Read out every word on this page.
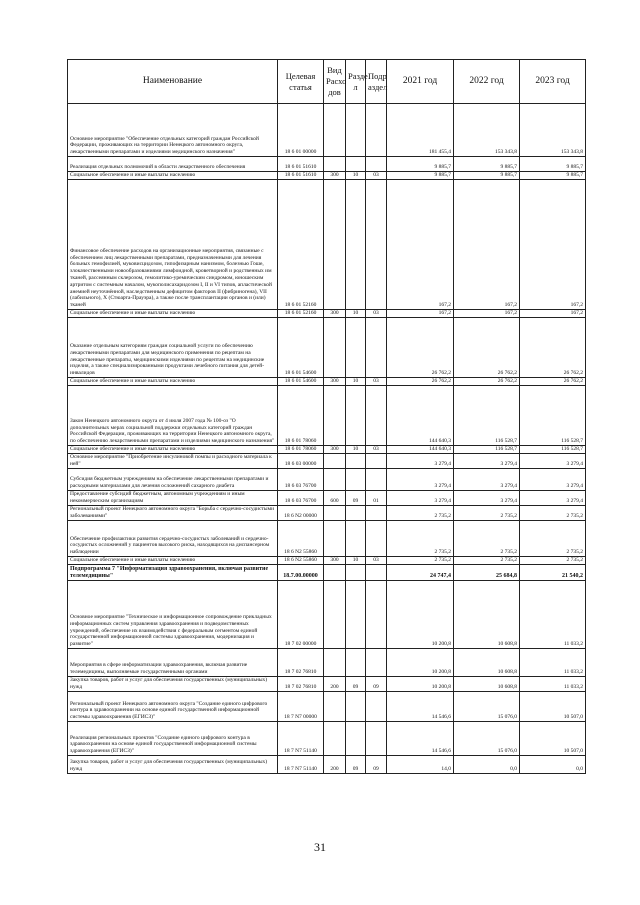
Наименование	Целевая статья	Вид Расхо дов	Разде л	Подр аздел	2021 год	2022 год	2023 год
Основное мероприятие "Обеспечение отдельных категорий граждан Российской Федерации, проживающих на территории Ненецкого автономного округа, лекарственными препаратами и изделиями медицинского назначения"	18 6 01 00000				181 455,4	153 343,8	153 343,8
Реализация отдельных полномочий в области лекарственного обеспечения	18 6 01 51610				9 885,7	9 885,7	9 885,7
Социальное обеспечение и иные выплаты населению	18 6 01 51610	300	10	03	9 885,7	9 885,7	9 885,7
Финансовое обеспечение расходов на организационные мероприятия, связанные с обеспечением лиц лекарственными препаратами, предназначенными для лечения больных гемофилией, муковисцидозом, гипофизарным нанизмом, болезнью Гоше, злокачественными новообразованиями лимфоидной, кроветворной и родственных им тканей, рассеянным склерозом, гемолитико-уремическим синдромом, юношеским артритом с системным началом, мукополисахаридозом I, II и VI типов, апластической анемией неуточнённой, наследственным дефицитом факторов II (фибриногена), VII (лабильного), X (Стюарта-Прауэра), а также после трансплантации органов и (или) тканей	18 6 01 52160				167,2	167,2	167,2
Социальное обеспечение и иные выплаты населению	18 6 01 52160	300	10	03	167,2	167,2	167,2
Оказание отдельным категориям граждан социальной услуги по обеспечению лекарственными препаратами для медицинского применения по рецептам на лекарственные препараты, медицинскими изделиями по рецептам на медицинские изделия, а также специализированными продуктами лечебного питания для детей-инвалидов	18 6 01 54600				26 762,2	26 762,2	26 762,2
Социальное обеспечение и иные выплаты населению	18 6 01 54600	300	10	03	26 762,2	26 762,2	26 762,2
Закон Ненецкого автономного округа от 4 июля 2007 года № 100-оз "О дополнительных мерах социальной поддержки отдельных категорий граждан Российской Федерации, проживающих на территории Ненецкого автономного округа, по обеспечению лекарственными препаратами и изделиями медицинского назначения"	18 6 01 78060				144 640,3	116 528,7	116 528,7
Социальное обеспечение и иные выплаты населению	18 6 01 78060	300	10	03	144 640,3	116 528,7	116 528,7
Основное мероприятие "Приобретение инсулиновой помпы и расходного материала к ней"	18 6 03 00000				3 279,4	3 279,4	3 279,4
Субсидия бюджетным учреждениям на обеспечение лекарственными препаратами и расходными материалами для лечения осложнений сахарного диабета	18 6 03 76700				3 279,4	3 279,4	3 279,4
Предоставление субсидий бюджетным, автономным учреждениям и иным некоммерческим организациям	18 6 03 76700	600	09	01	3 279,4	3 279,4	3 279,4
Региональный проект Ненецкого автономного округа "Борьба с сердечно-сосудистыми заболеваниями"	18 6 N2 00000				2 735,2	2 735,2	2 735,2
Обеспечение профилактики развития сердечно-сосудистых заболеваний и сердечно-сосудистых осложнений у пациентов высокого риска, находящихся на диспансерном наблюдении	18 6 N2 55860				2 735,2	2 735,2	2 735,2
Социальное обеспечение и иные выплаты населению	18 6 N2 55860	300	10	03	2 735,2	2 735,2	2 735,2
Подпрограмма 7 "Информатизация здравоохранения, включая развитие телемедицины"	18.7.00.00000				24 747,4	25 684,8	21 540,2
Основное мероприятие "Техническое и информационное сопровождение прикладных информационных систем управления здравоохранения и подведомственных учреждений, обеспечение их взаимодействия с федеральным сегментом единой государственной информационной системы здравоохранения, модернизация и развитие"	18 7 02 00000				10 200,8	10 608,8	11 033,2
Мероприятия в сфере информатизации здравоохранения, включая развитие телемедицины, выполняемые государственными органами	18 7 02 76810				10 200,8	10 608,8	11 033,2
Закупка товаров, работ и услуг для обеспечения государственных (муниципальных) нужд	18 7 02 76810	200	09	09	10 200,8	10 608,8	11 033,2
Региональный проект Ненецкого автономного округа "Создание единого цифрового контура в здравоохранении на основе единой государственной информационной системы здравоохранения (ЕГИСЗ)"	18 7 N7 00000				14 546,6	15 076,0	10 507,0
Реализация региональных проектов "Создание единого цифрового контура в здравоохранении на основе единой государственной информационной системы здравоохранения (ЕГИСЗ)"	18 7 N7 51140				14 546,6	15 076,0	10 507,0
Закупка товаров, работ и услуг для обеспечения государственных (муниципальных) нужд	18 7 N7 51140	200	09	09	14,0	0,0	0,0
31
